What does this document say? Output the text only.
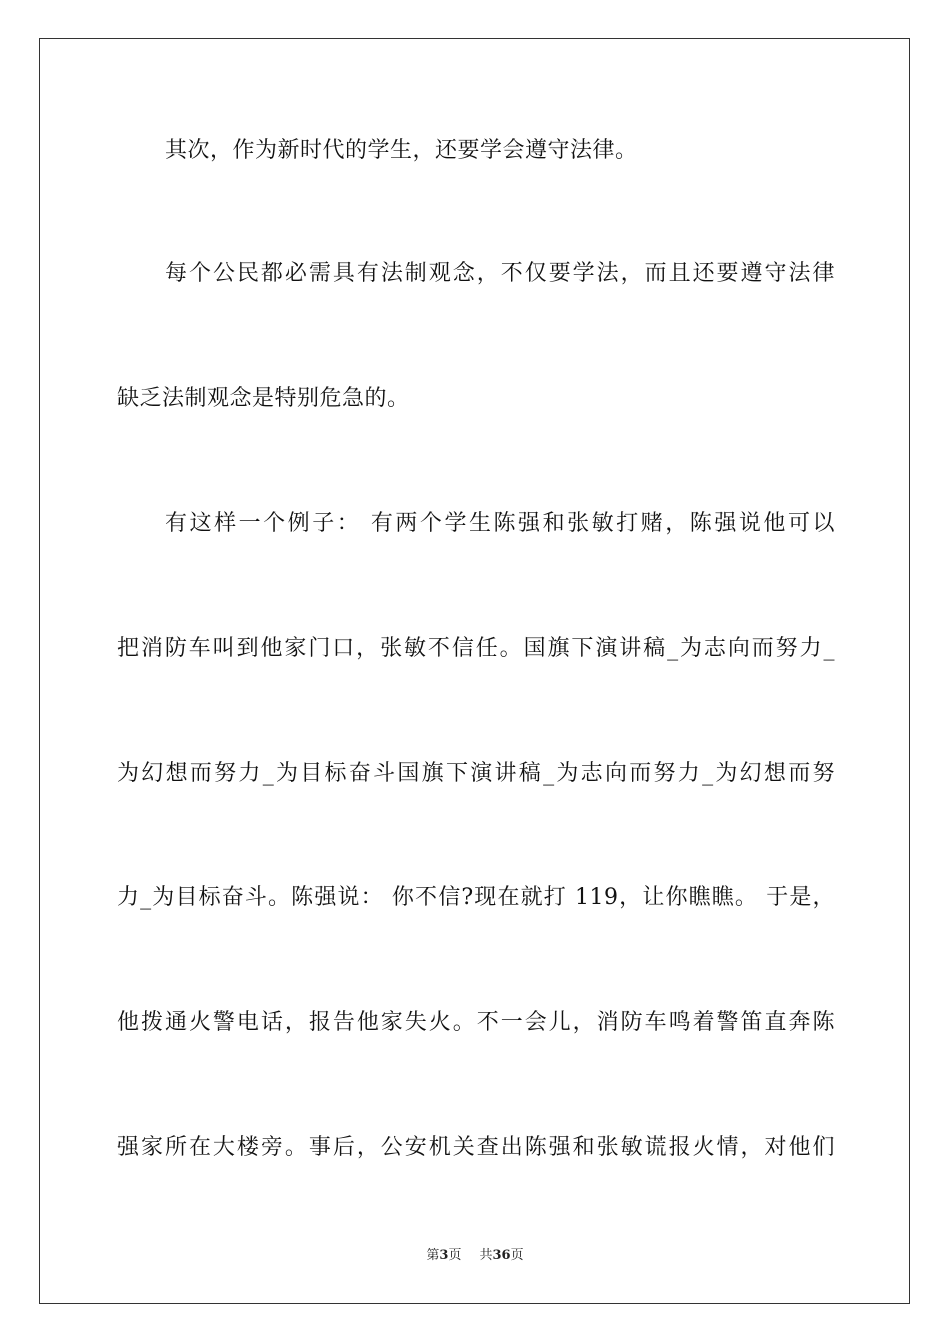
其次，作为新时代的学生，还要学会遵守法律。
每个公民都必需具有法制观念，不仅要学法，而且还要遵守法律
缺乏法制观念是特别危急的。
有这样一个例子： 有两个学生陈强和张敏打赌，陈强说他可以
把消防车叫到他家门口，张敏不信任。国旗下演讲稿_为志向而努力_
为幻想而努力_为目标奋斗国旗下演讲稿_为志向而努力_为幻想而努
力_为目标奋斗。陈强说： 你不信?现在就打 119，让你瞧瞧。 于是，
他拨通火警电话，报告他家失火。不一会儿，消防车鸣着警笛直奔陈
强家所在大楼旁。事后，公安机关查出陈强和张敏谎报火情，对他们
第3页 共36页
